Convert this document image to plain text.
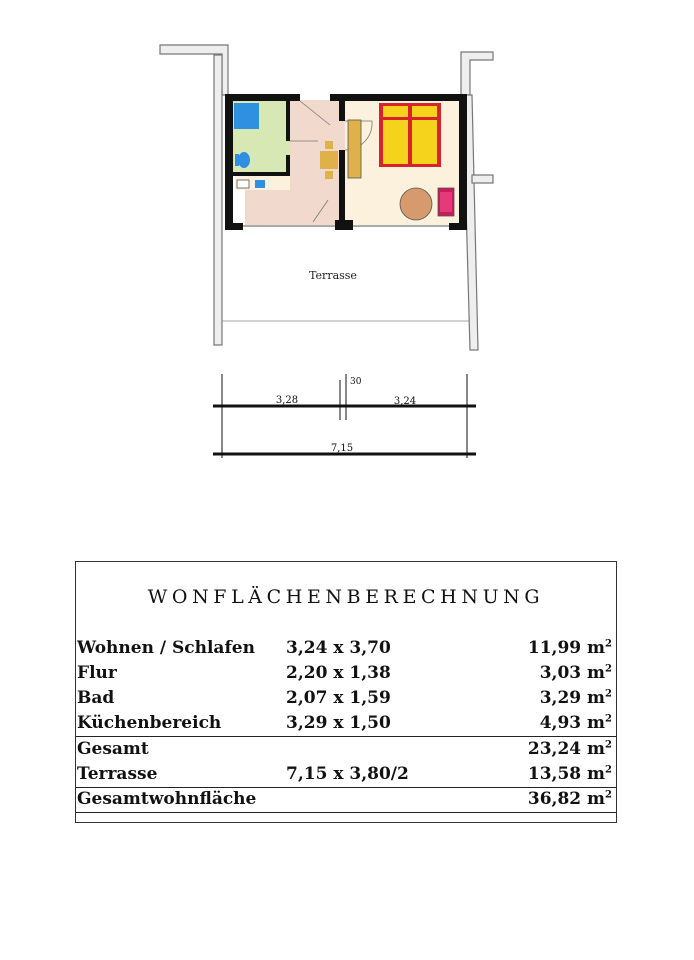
Terrasse
3,28
30
3,24
7,15
WONFLÄCHENBERECHNUNG
Wohnen / Schlafen 3,24 x 3,70	11,99 $m^2$
Flur	2,20 x 1,38	3,03 $m^2$
Bad	2,07 x 1,59	3,29 $m^2$
Küchenbereich	3,29 x 1,50	4,93 $m^2$
Gesamt	23,24 $m^2$
Terrasse	7,15 x 3,80/2	13,58 $m^2$
Gesamtwohnfläche	36,82 $m^2$
